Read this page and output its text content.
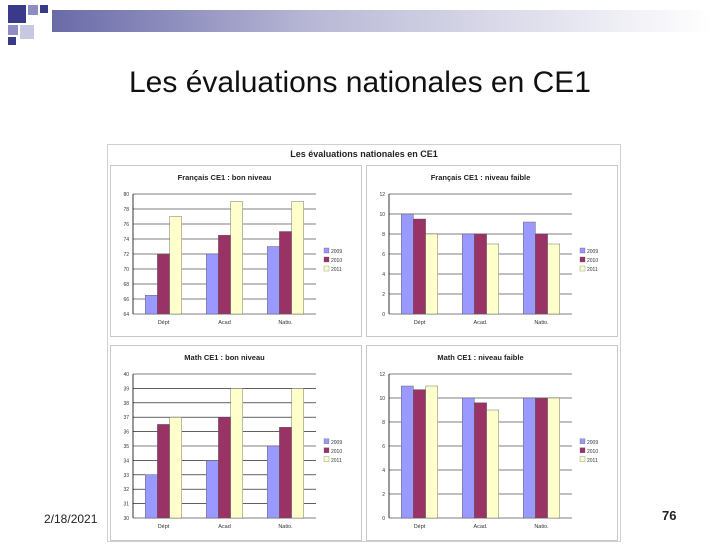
Les évaluations nationales en CE1
Les évaluations nationales en CE1
Français CE1 : bon niveau
64
66
68
70
72
74
76
78
80
Dépt	Acad	Natio.
2009
2010
2011
Français CE1 : niveau faible
0
2
4
6
8
10
12
Dépt	Acad.	Natio.
2009
2010
2011
Math CE1 : bon niveau
30
31
32
33
34
35
36
37
38
39
40
Dépt	Acad	Natio.
2009
2010
2011
Math CE1 : niveau faible
0
2
4
6
8
10
12
Dépt	Acad.	Natio.
2009
2010
2011
2/18/2021	76
